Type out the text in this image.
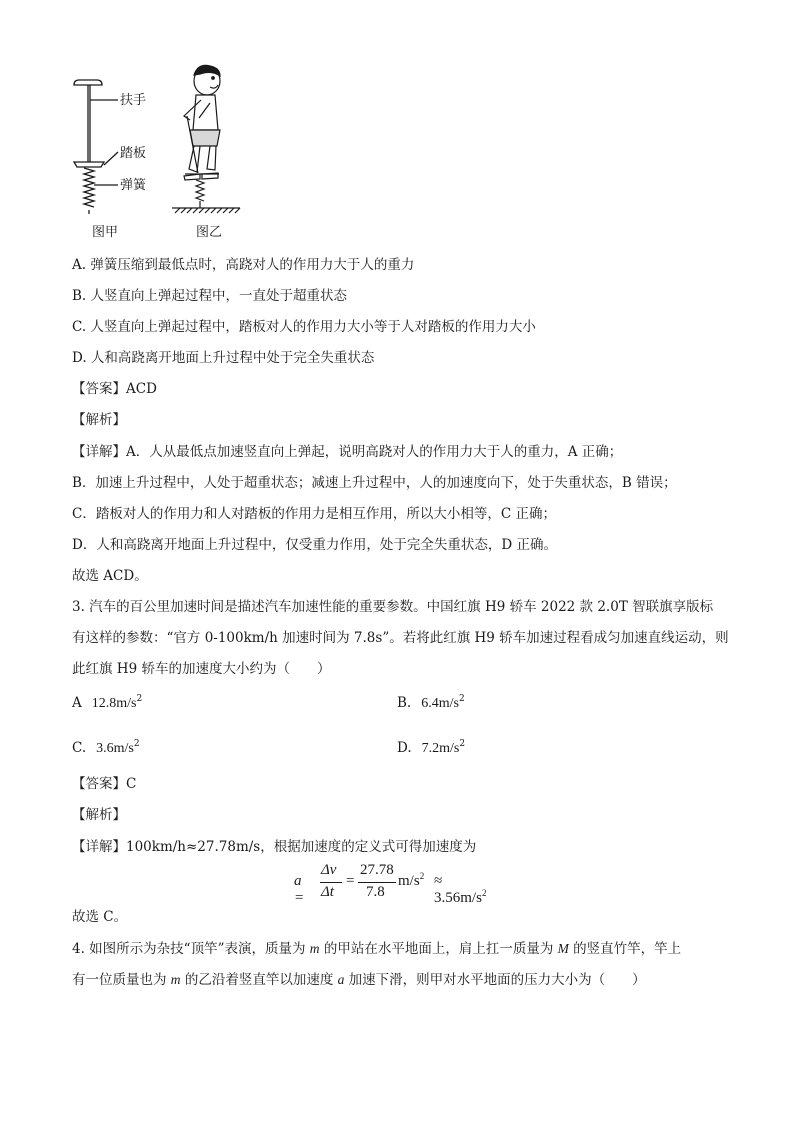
扶手
踏板
弹簧
图甲	图乙
A. 弹簧压缩到最低点时，高跷对人的作用力大于人的重力
B. 人竖直向上弹起过程中，一直处于超重状态
C. 人竖直向上弹起过程中，踏板对人的作用力大小等于人对踏板的作用力大小
D. 人和高跷离开地面上升过程中处于完全失重状态
【答案】ACD
【解析】
【详解】A．人从最低点加速竖直向上弹起，说明高跷对人的作用力大于人的重力，A 正确；
B．加速上升过程中，人处于超重状态；减速上升过程中，人的加速度向下，处于失重状态，B 错误；
C．踏板对人的作用力和人对踏板的作用力是相互作用，所以大小相等，C 正确；
D．人和高跷离开地面上升过程中，仅受重力作用，处于完全失重状态，D 正确。
故选 ACD。
3. 汽车的百公里加速时间是描述汽车加速性能的重要参数。中国红旗 H9 轿车 2022 款 2.0T 智联旗享版标
有这样的参数：“官方 0-100km/h 加速时间为 7.8s”。若将此红旗 H9 轿车加速过程看成匀加速直线运动，则
此红旗 H9 轿车的加速度大小约为（　　）
A $12.8m/s^2$	B. $6.4m/s^2$
C. $3.6m/s^2$	D. $7.2m/s^2$
【答案】C
【解析】
【详解】100km/h≈27.78m/s，根据加速度的定义式可得加速度为
a =
Δv
Δt
=
27.78
7.8
$m/s^2 \approx 3.56m/s^2$
故选 C。
4. 如图所示为杂技“顶竿”表演，质量为 m 的甲站在水平地面上，肩上扛一质量为 M 的竖直竹竿，竿上
有一位质量也为 m 的乙沿着竖直竿以加速度 a 加速下滑，则甲对水平地面的压力大小为（　　）
